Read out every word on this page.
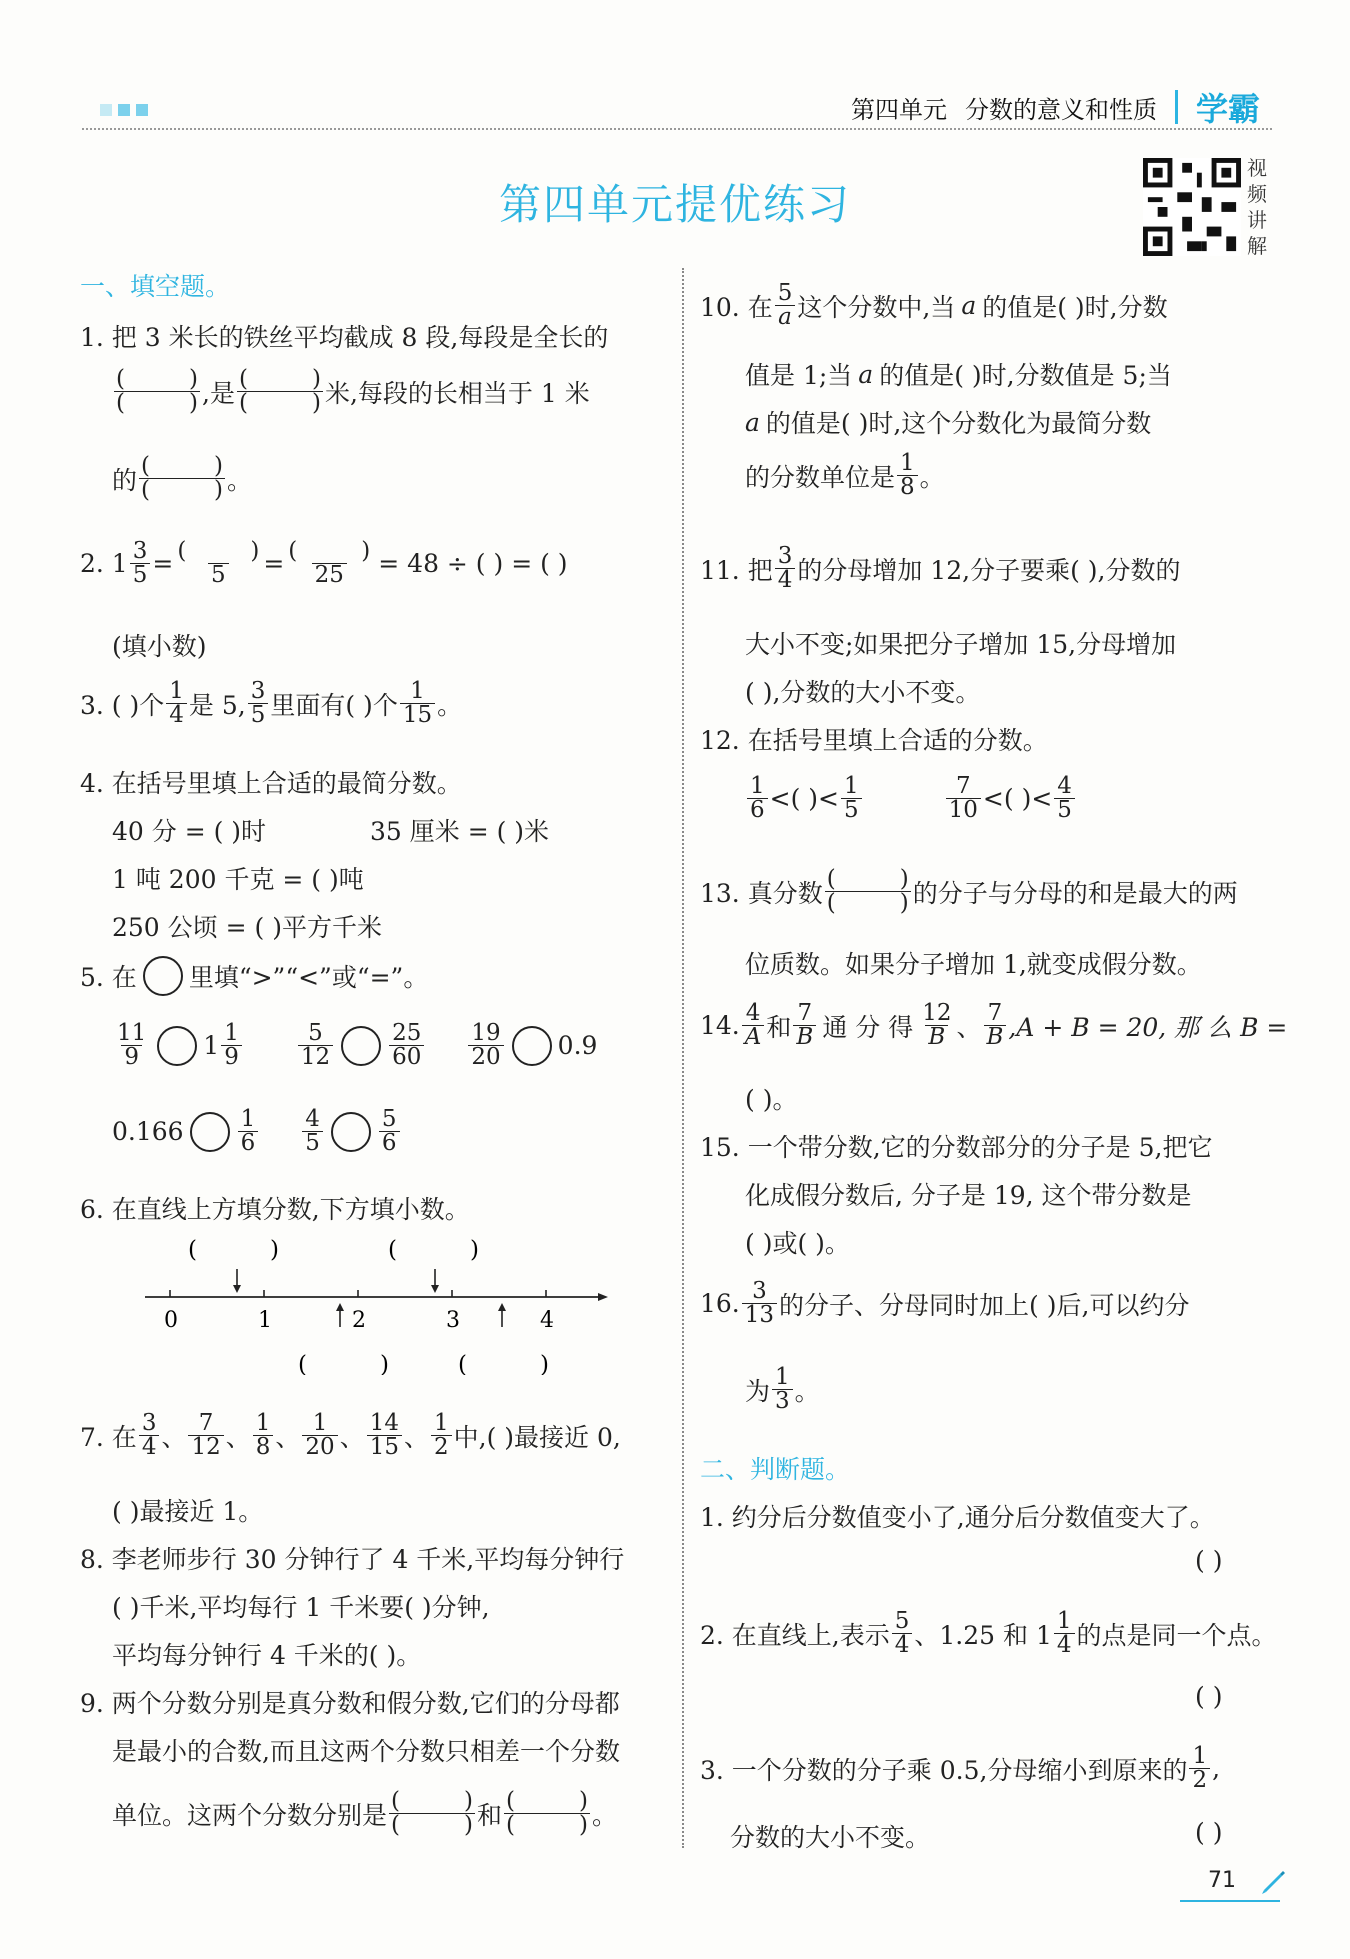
第四单元 分数的意义和性质 学霸
第四单元提优练习
视频讲解
一、填空题。
1. 把 3 米长的铁丝平均截成 8 段,每段是全长的
(	)
(	) ,是 (	)
(	) 米,每段的长相当于 1 米
的 (	)
(	) 。
2. $1 \frac{3}{5}$ = (	)
5 = (	)
25 = 48 ÷ ( ) = ( )
(填小数)
3. ( )个 1
4 是 5, 3
5 里面有( )个 1
15 。
4. 在括号里填上合适的最简分数。
40 分 = ( )时	35 厘米 = ( )米
1 吨 200 千克 = ( )吨
250 公顷 = ( )平方千米
5. 在 里填“>”“<”或“=”。
11
9	1 1
9
5
12
25
60
19
20 0.9
0.166 1
6
4
5
5
6
6. 在直线上方填分数,下方填小数。
(	)	(	)
0	1	2	3	4
(	)	(	)
7. 在 3
4 、 7
12 、 1
8 、 1
20 、 14
15 、 1
2 中,( )最接近 0,
( )最接近 1。
8. 李老师步行 30 分钟行了 4 千米,平均每分钟行
( )千米,平均每行 1 千米要( )分钟,
平均每分钟行 4 千米的( )。
9. 两个分数分别是真分数和假分数,它们的分母都
是最小的合数,而且这两个分数只相差一个分数
单位。这两个分数分别是 (	)
(	) 和 (	)
(	) 。
10. 在 5
a 这个分数中,当 a 的值是( )时,分数
值是 1;当 a 的值是( )时,分数值是 5;当
a 的值是( )时,这个分数化为最简分数
的分数单位是 1
8 。
11. 把 3
4 的分母增加 12,分子要乘( ),分数的
大小不变;如果把分子增加 15,分母增加
( ),分数的大小不变。
12. 在括号里填上合适的分数。
1
6 <( )< 1
5
7
10 <( )< 4
5
13. 真分数 (	)
(	) 的分子与分母的和是最大的两
位质数。如果分子增加 1,就变成假分数。
14. 4
A 和 7
B 通 分 得 12
B 、 7
B ,A + B = 20, 那 么 B =
( )。
15. 一个带分数,它的分数部分的分子是 5,把它
化成假分数后, 分子是 19, 这个带分数是
( )或( )。
16. 3
13 的分子、分母同时加上( )后,可以约分
为 1
3 。
二、判断题。
1. 约分后分数值变小了,通分后分数值变大了。
( )
2. 在直线上,表示 5
4 、1.25 和 1 1
4 的点是同一个点。
( )
3. 一个分数的分子乘 0.5,分母缩小到原来的 1
2 ,
分数的大小不变。	( )
71
